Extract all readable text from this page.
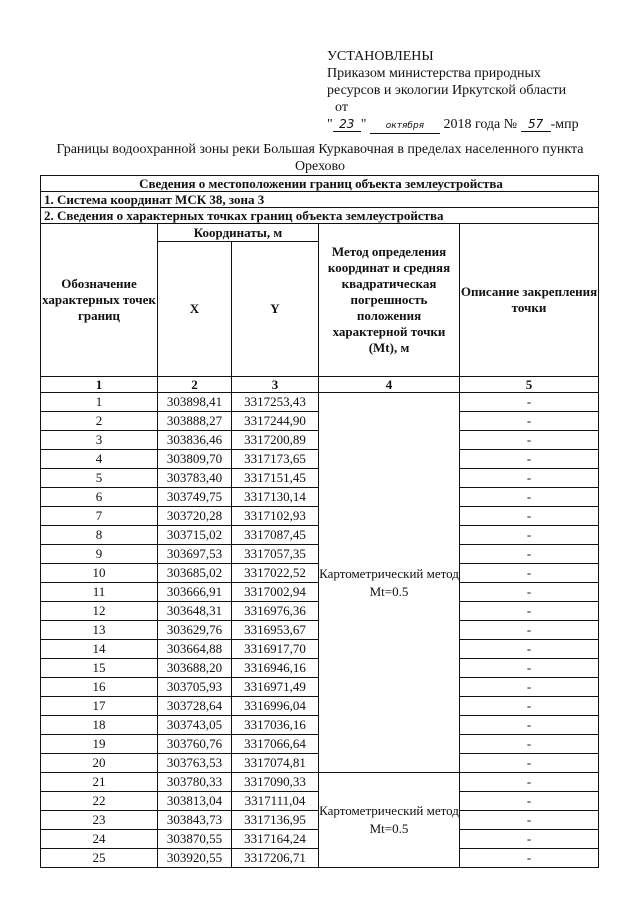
УСТАНОВЛЕНЫ
Приказом министерства природных
ресурсов и экологии Иркутской области
от
" 23 " октября 2018 года № 57 -мпр
Границы водоохранной зоны реки Большая Куркавочная в пределах населенного пункта Орехово
Сведения о местоположении границ объекта землеустройства				
1. Система координат МСК 38, зона 3				
2. Сведения о характерных точках границ объекта землеустройства				
Обозначение характерных точек границ	Координаты, м		Метод определения координат и средняя квадратическая погрешность положения характерной точки (Mt), м	Описание закрепления точки
	X	Y		
1	2	3	4	5
1	303898,41	3317253,43	Картометрический метод Mt=0.5	-
2	303888,27	3317244,90		-
3	303836,46	3317200,89		-
4	303809,70	3317173,65		-
5	303783,40	3317151,45		-
6	303749,75	3317130,14		-
7	303720,28	3317102,93		-
8	303715,02	3317087,45		-
9	303697,53	3317057,35		-
10	303685,02	3317022,52		-
11	303666,91	3317002,94		-
12	303648,31	3316976,36		-
13	303629,76	3316953,67		-
14	303664,88	3316917,70		-
15	303688,20	3316946,16		-
16	303705,93	3316971,49		-
17	303728,64	3316996,04		-
18	303743,05	3317036,16		-
19	303760,76	3317066,64		-
20	303763,53	3317074,81		-
21	303780,33	3317090,33	Картометрический метод Mt=0.5	-
22	303813,04	3317111,04		-
23	303843,73	3317136,95		-
24	303870,55	3317164,24		-
25	303920,55	3317206,71		-
